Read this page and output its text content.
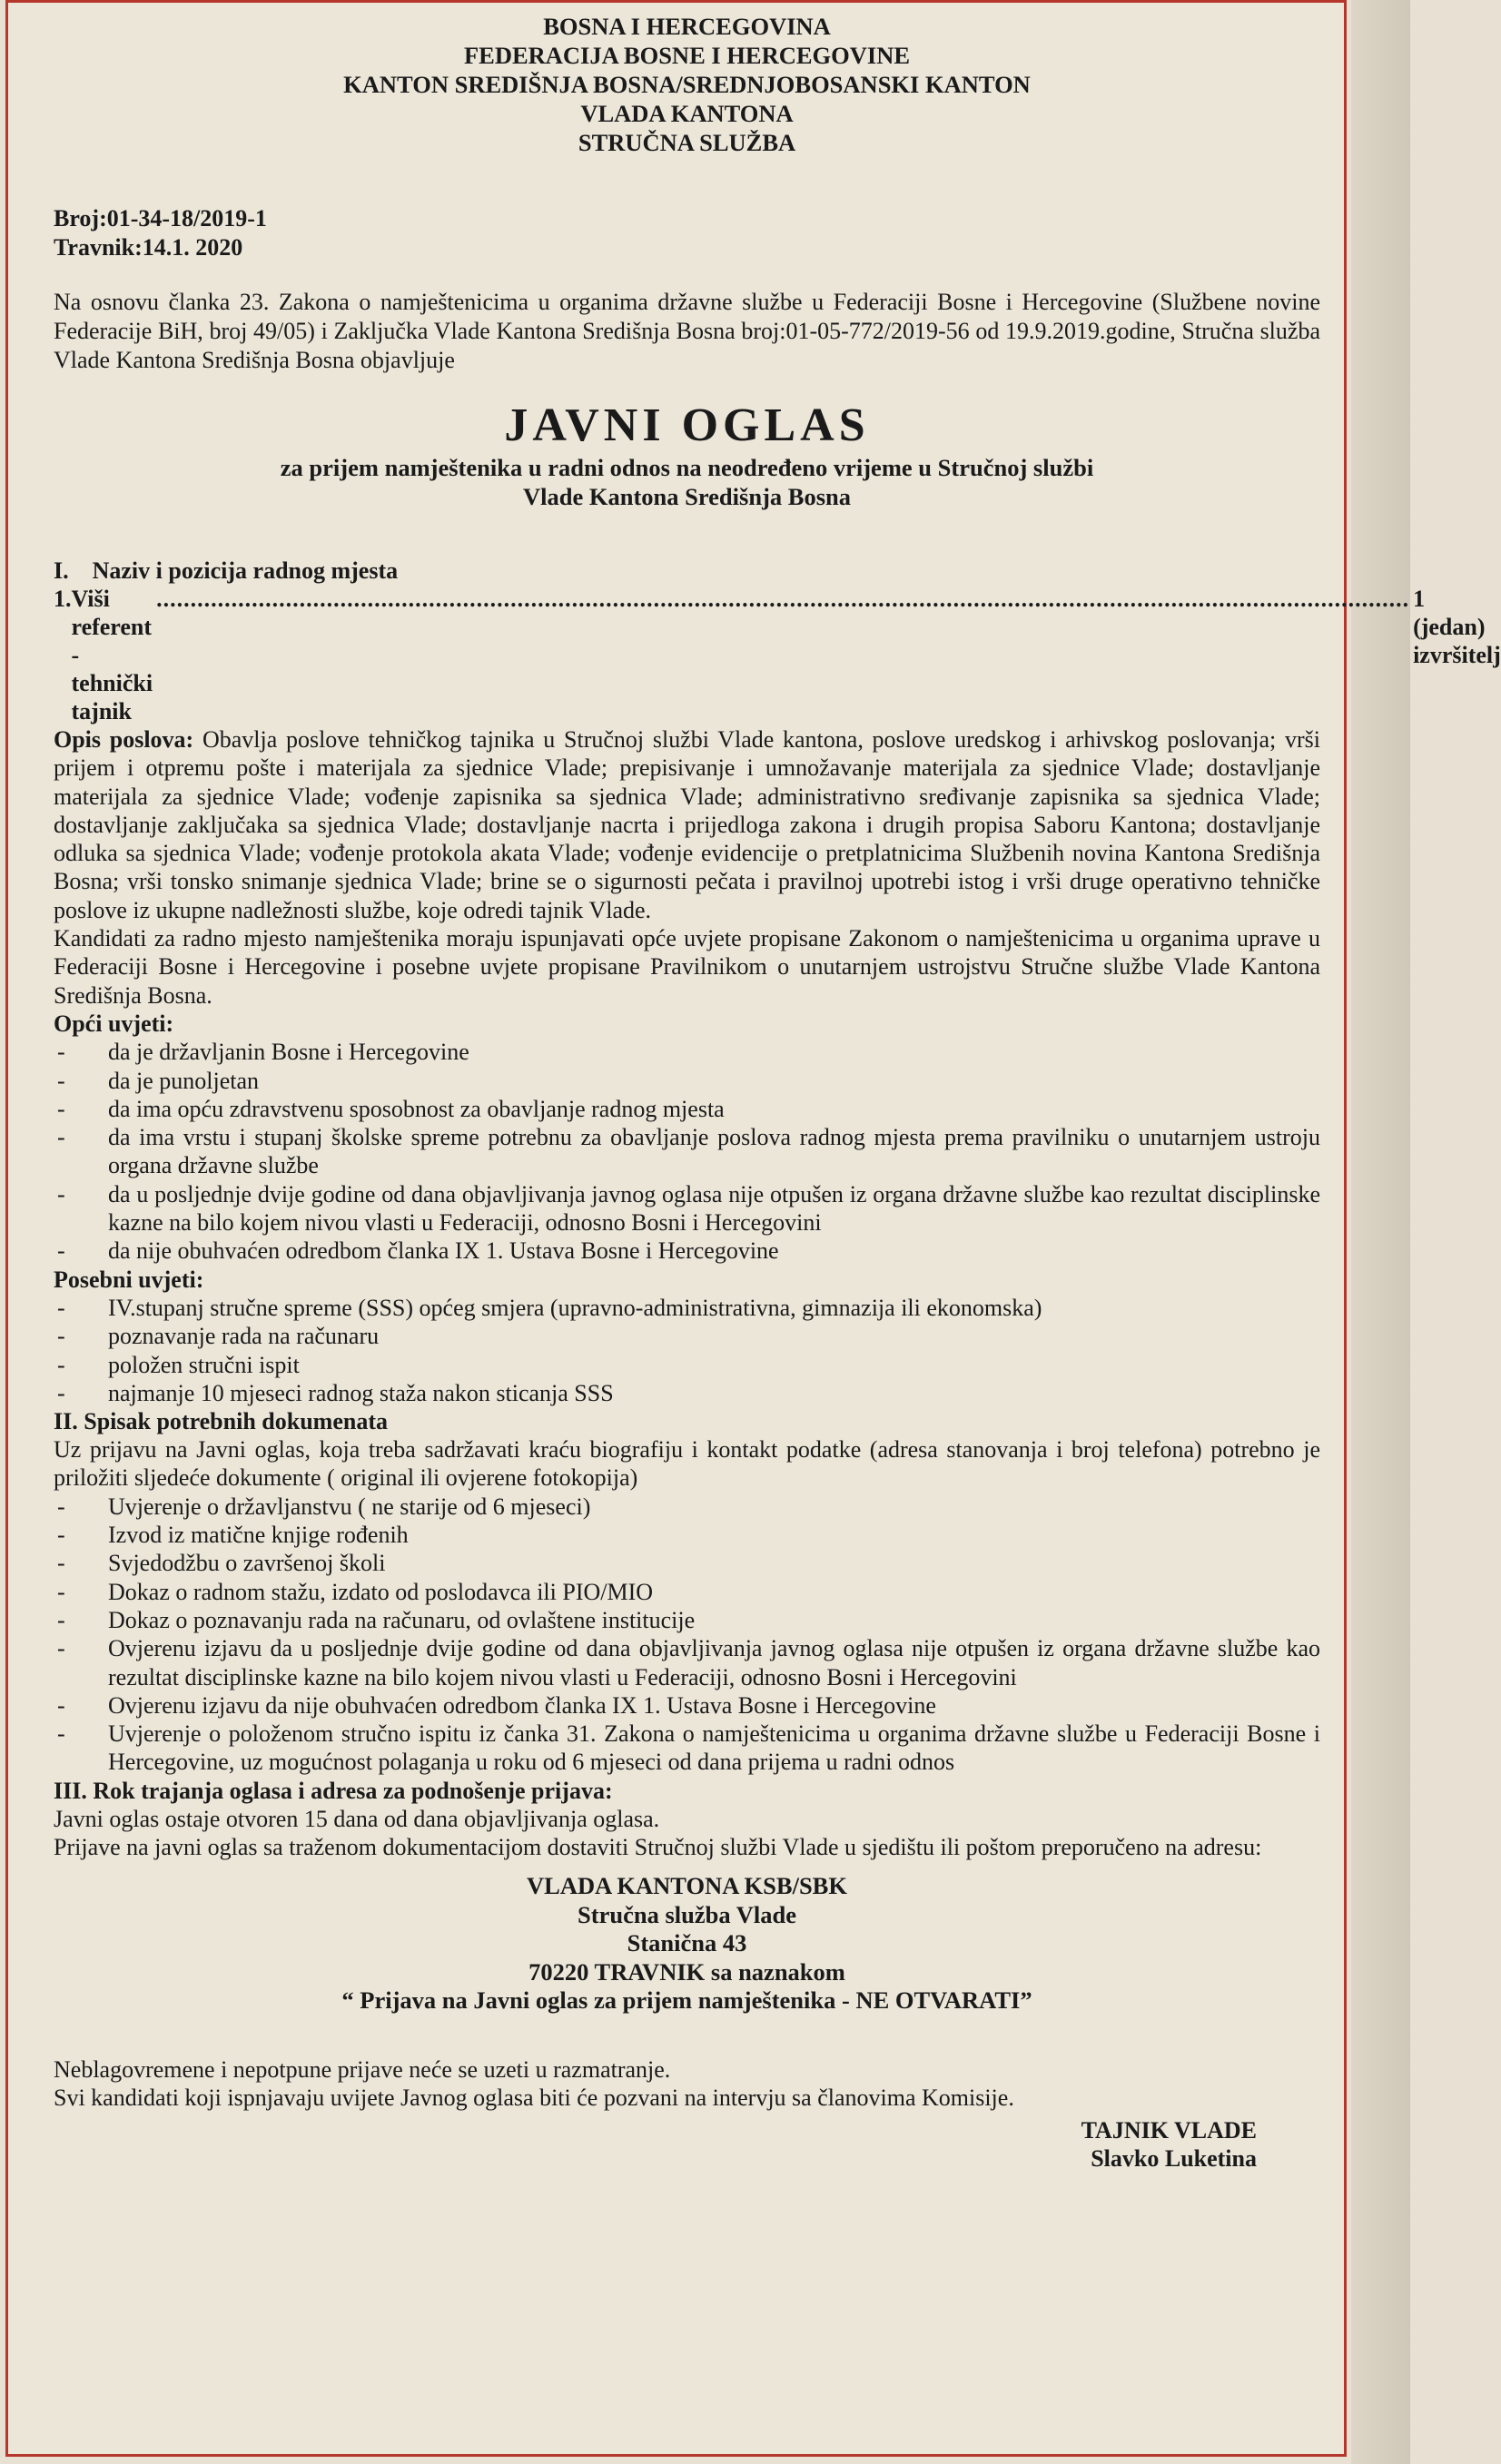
BOSNA I HERCEGOVINA
FEDERACIJA BOSNE I HERCEGOVINE
KANTON SREDIŠNJA BOSNA/SREDNJOBOSANSKI KANTON
VLADA KANTONA
STRUČNA SLUŽBA
Broj:01-34-18/2019-1
Travnik:14.1. 2020
Na osnovu članka 23. Zakona o namještenicima u organima državne službe u Federaciji Bosne i Hercegovine (Službene novine Federacije BiH, broj 49/05) i Zaključka Vlade Kantona Središnja Bosna broj:01-05-772/2019-56 od 19.9.2019.godine, Stručna služba Vlade Kantona Središnja Bosna objavljuje
JAVNI OGLAS
za prijem namještenika u radni odnos na neodređeno vrijeme u Stručnoj službi
Vlade Kantona Središnja Bosna
I.    Naziv i pozicija radnog mjesta
1. Viši referent - tehnički tajnik
........................................................................................................................................................................................ 1 (jedan) izvršitelj
Opis poslova: Obavlja poslove tehničkog tajnika u Stručnoj službi Vlade kantona, poslove uredskog i arhivskog poslovanja; vrši prijem i otpremu pošte i materijala za sjednice Vlade; prepisivanje i umnožavanje materijala za sjednice Vlade; dostavljanje materijala za sjednice Vlade; vođenje zapisnika sa sjednica Vlade; administrativno sređivanje zapisnika sa sjednica Vlade; dostavljanje zaključaka sa sjednica Vlade; dostavljanje nacrta i prijedloga zakona i drugih propisa Saboru Kantona; dostavljanje odluka sa sjednica Vlade; vođenje protokola akata Vlade; vođenje evidencije o pretplatnicima Službenih novina Kantona Središnja Bosna; vrši tonsko snimanje sjednica Vlade; brine se o sigurnosti pečata i pravilnoj upotrebi istog i vrši druge operativno tehničke poslove iz ukupne nadležnosti službe, koje odredi tajnik Vlade.
Kandidati za radno mjesto namještenika moraju ispunjavati opće uvjete propisane Zakonom o namještenicima u organima uprave u Federaciji Bosne i Hercegovine i posebne uvjete propisane Pravilnikom o unutarnjem ustrojstvu Stručne službe Vlade Kantona Središnja Bosna.
Opći uvjeti:
- da je državljanin Bosne i Hercegovine
- da je punoljetan
- da ima opću zdravstvenu sposobnost za obavljanje radnog mjesta
- da ima vrstu i stupanj školske spreme potrebnu za obavljanje poslova radnog mjesta prema pravilniku o unutarnjem ustroju organa državne službe
- da u posljednje dvije godine od dana objavljivanja javnog oglasa nije otpušen iz organa državne službe kao rezultat disciplinske kazne na bilo kojem nivou vlasti u Federaciji, odnosno Bosni i Hercegovini
- da nije obuhvaćen odredbom članka IX 1. Ustava Bosne i Hercegovine
Posebni uvjeti:
- IV.stupanj stručne spreme (SSS) općeg smjera (upravno-administrativna, gimnazija ili ekonomska)
- poznavanje rada na računaru
- položen stručni ispit
- najmanje 10 mjeseci radnog staža nakon sticanja SSS
II. Spisak potrebnih dokumenata
Uz prijavu na Javni oglas, koja treba sadržavati kraću biografiju i kontakt podatke (adresa stanovanja i broj telefona) potrebno je priložiti sljedeće dokumente ( original ili ovjerene fotokopija)
- Uvjerenje o državljanstvu ( ne starije od 6 mjeseci)
- Izvod iz matične knjige rođenih
- Svjedodžbu o završenoj školi
- Dokaz o radnom stažu, izdato od poslodavca ili PIO/MIO
- Dokaz o poznavanju rada na računaru, od ovlaštene institucije
- Ovjerenu izjavu da u posljednje dvije godine od dana objavljivanja javnog oglasa nije otpušen iz organa državne službe kao rezultat disciplinske kazne na bilo kojem nivou vlasti u Federaciji, odnosno Bosni i Hercegovini
- Ovjerenu izjavu da nije obuhvaćen odredbom članka IX 1. Ustava Bosne i Hercegovine
- Uvjerenje o položenom stručno ispitu iz čanka 31. Zakona o namještenicima u organima državne službe u Federaciji Bosne i Hercegovine, uz mogućnost polaganja u roku od 6 mjeseci od dana prijema u radni odnos
III. Rok trajanja oglasa i adresa za podnošenje prijava:
Javni oglas ostaje otvoren 15 dana od dana objavljivanja oglasa.
Prijave na javni oglas sa traženom dokumentacijom dostaviti Stručnoj službi Vlade u sjedištu ili poštom preporučeno na adresu:
VLADA KANTONA KSB/SBK
Stručna služba Vlade
Stanična 43
70220 TRAVNIK sa naznakom
“ Prijava na Javni oglas za prijem namještenika - NE OTVARATI”
Neblagovremene i nepotpune prijave neće se uzeti u razmatranje.
Svi kandidati koji ispnjavaju uvijete Javnog oglasa biti će pozvani na intervju sa članovima Komisije.
TAJNIK VLADE
Slavko Luketina
